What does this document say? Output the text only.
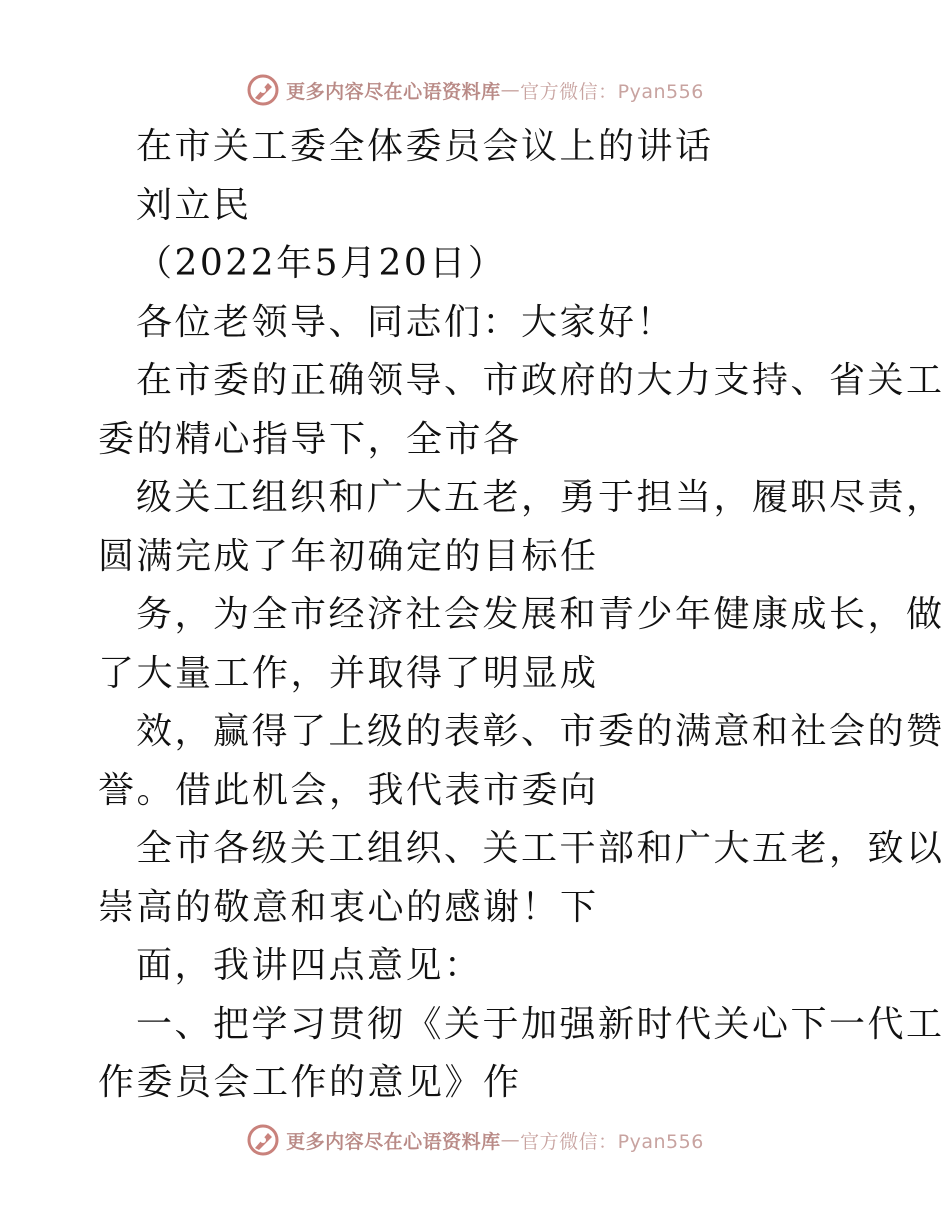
更多内容尽在心语资料库 — 官方微信：Pyan556
在市关工委全体委员会议上的讲话
刘立民
（2022年5月20日）
各位老领导、同志们：大家好！
在市委的正确领导、市政府的大力支持、省关工
委的精心指导下，全市各
级关工组织和广大五老，勇于担当，履职尽责，
圆满完成了年初确定的目标任
务，为全市经济社会发展和青少年健康成长，做
了大量工作，并取得了明显成
效，赢得了上级的表彰、市委的满意和社会的赞
誉。借此机会，我代表市委向
全市各级关工组织、关工干部和广大五老，致以
崇高的敬意和衷心的感谢！下
面，我讲四点意见：
一、把学习贯彻《关于加强新时代关心下一代工
作委员会工作的意见》作
更多内容尽在心语资料库 — 官方微信：Pyan556
